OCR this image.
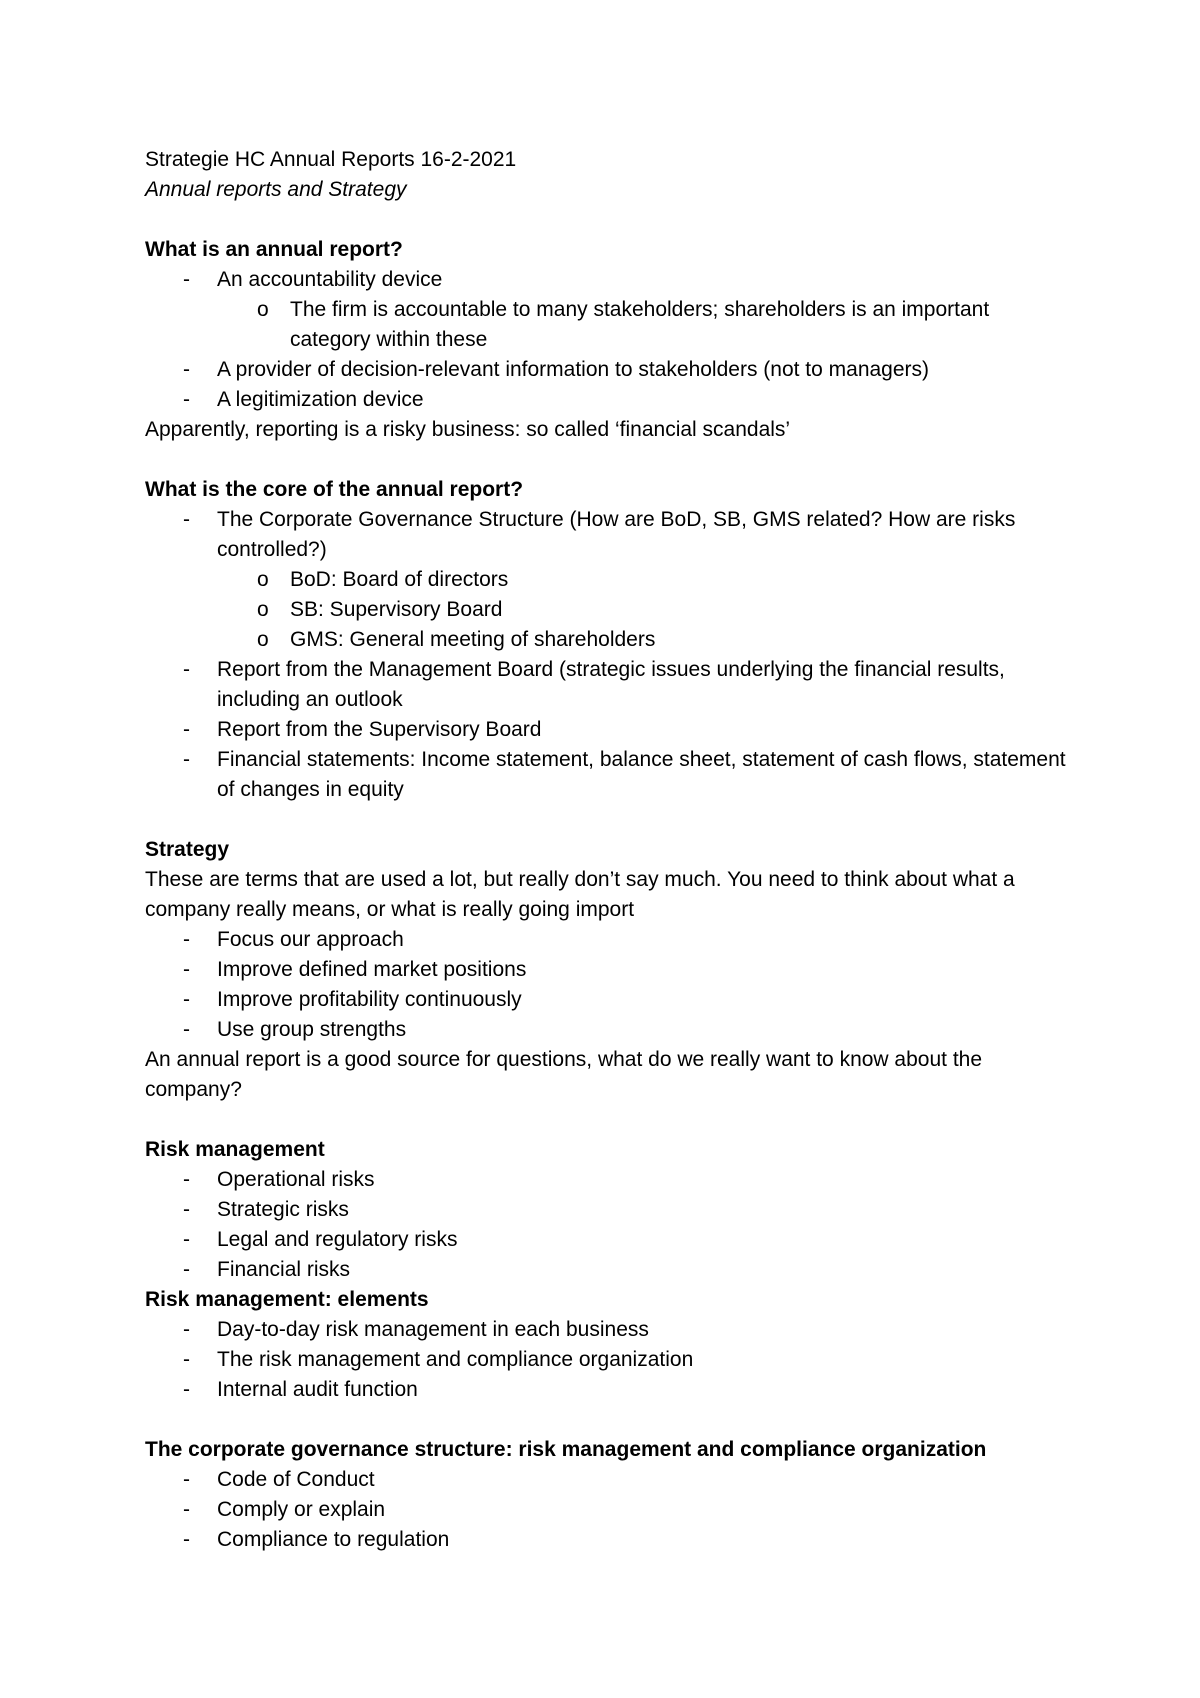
Strategie HC Annual Reports 16-2-2021
Annual reports and Strategy
What is an annual report?
- An accountability device
o The firm is accountable to many stakeholders; shareholders is an important category within these
- A provider of decision-relevant information to stakeholders (not to managers)
- A legitimization device
Apparently, reporting is a risky business: so called ‘financial scandals’
What is the core of the annual report?
- The Corporate Governance Structure (How are BoD, SB, GMS related? How are risks controlled?)
o BoD: Board of directors
o SB: Supervisory Board
o GMS: General meeting of shareholders
- Report from the Management Board (strategic issues underlying the financial results, including an outlook
- Report from the Supervisory Board
- Financial statements: Income statement, balance sheet, statement of cash flows, statement of changes in equity
Strategy
These are terms that are used a lot, but really don’t say much. You need to think about what a company really means, or what is really going import
- Focus our approach
- Improve defined market positions
- Improve profitability continuously
- Use group strengths
An annual report is a good source for questions, what do we really want to know about the company?
Risk management
- Operational risks
- Strategic risks
- Legal and regulatory risks
- Financial risks
Risk management: elements
- Day-to-day risk management in each business
- The risk management and compliance organization
- Internal audit function
The corporate governance structure: risk management and compliance organization
- Code of Conduct
- Comply or explain
- Compliance to regulation
